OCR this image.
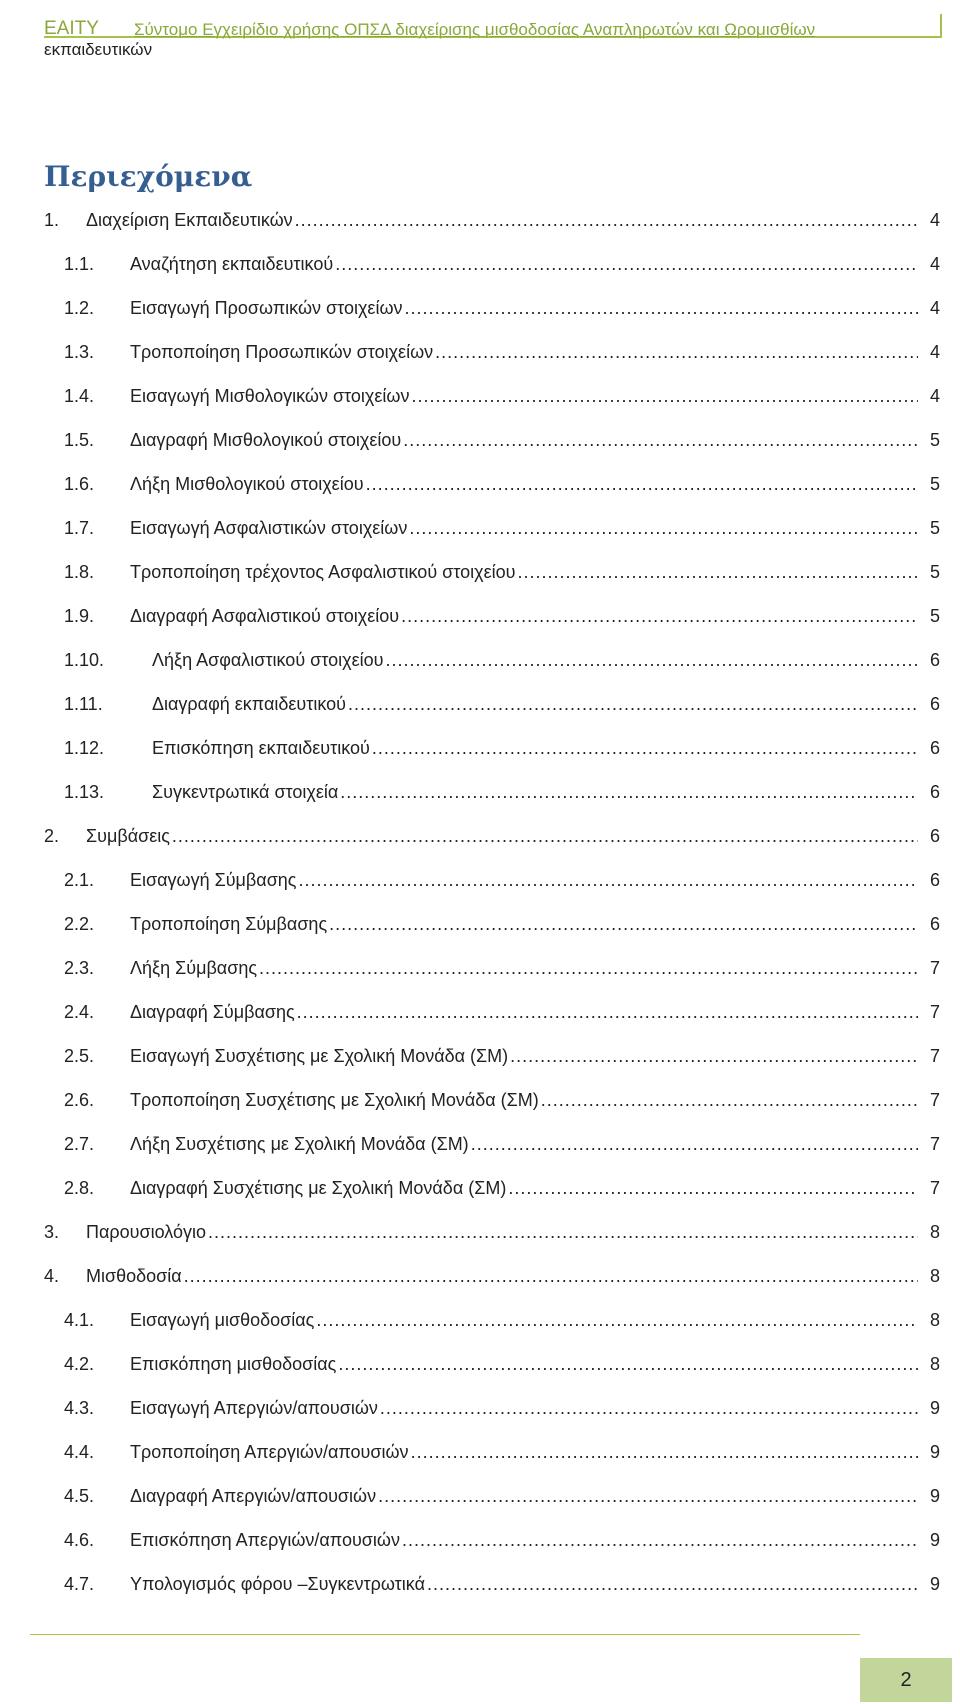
ΕΑΙΤΥ Σύντομο Εγχειρίδιο χρήσης ΟΠΣΔ διαχείρισης μισθοδοσίας Αναπληρωτών και Ωρομισθίων
εκπαιδευτικών
Περιεχόμενα
1. Διαχείριση Εκπαιδευτικών .....	4
1.1. Αναζήτηση εκπαιδευτικού .....	4
1.2. Εισαγωγή Προσωπικών στοιχείων .....	4
1.3. Τροποποίηση Προσωπικών στοιχείων .....	4
1.4. Εισαγωγή Μισθολογικών στοιχείων .....	4
1.5. Διαγραφή Μισθολογικού στοιχείου .....	5
1.6. Λήξη Μισθολογικού στοιχείου .....	5
1.7. Εισαγωγή Ασφαλιστικών στοιχείων .....	5
1.8. Τροποποίηση τρέχοντος Ασφαλιστικού στοιχείου .....	5
1.9. Διαγραφή Ασφαλιστικού στοιχείου .....	5
1.10.	Λήξη Ασφαλιστικού στοιχείου .....	6
1.11.	Διαγραφή εκπαιδευτικού .....	6
1.12.	Επισκόπηση εκπαιδευτικού .....	6
1.13.	Συγκεντρωτικά στοιχεία .....	6
2. Συμβάσεις .....	6
2.1. Εισαγωγή Σύμβασης .....	6
2.2. Τροποποίηση Σύμβασης .....	6
2.3. Λήξη Σύμβασης .....	7
2.4. Διαγραφή Σύμβασης .....	7
2.5. Εισαγωγή Συσχέτισης με Σχολική Μονάδα (ΣΜ) .....	7
2.6. Τροποποίηση Συσχέτισης με Σχολική Μονάδα (ΣΜ) .....	7
2.7. Λήξη Συσχέτισης με Σχολική Μονάδα (ΣΜ) .....	7
2.8. Διαγραφή Συσχέτισης με Σχολική Μονάδα (ΣΜ) .....	7
3. Παρουσιολόγιο .....	8
4. Μισθοδοσία .....	8
4.1. Εισαγωγή μισθοδοσίας .....	8
4.2. Επισκόπηση μισθοδοσίας .....	8
4.3. Εισαγωγή Απεργιών/απουσιών .....	9
4.4. Τροποποίηση Απεργιών/απουσιών .....	9
4.5. Διαγραφή Απεργιών/απουσιών .....	9
4.6. Επισκόπηση Απεργιών/απουσιών .....	9
4.7. Υπολογισμός φόρου –Συγκεντρωτικά .....	9
2
